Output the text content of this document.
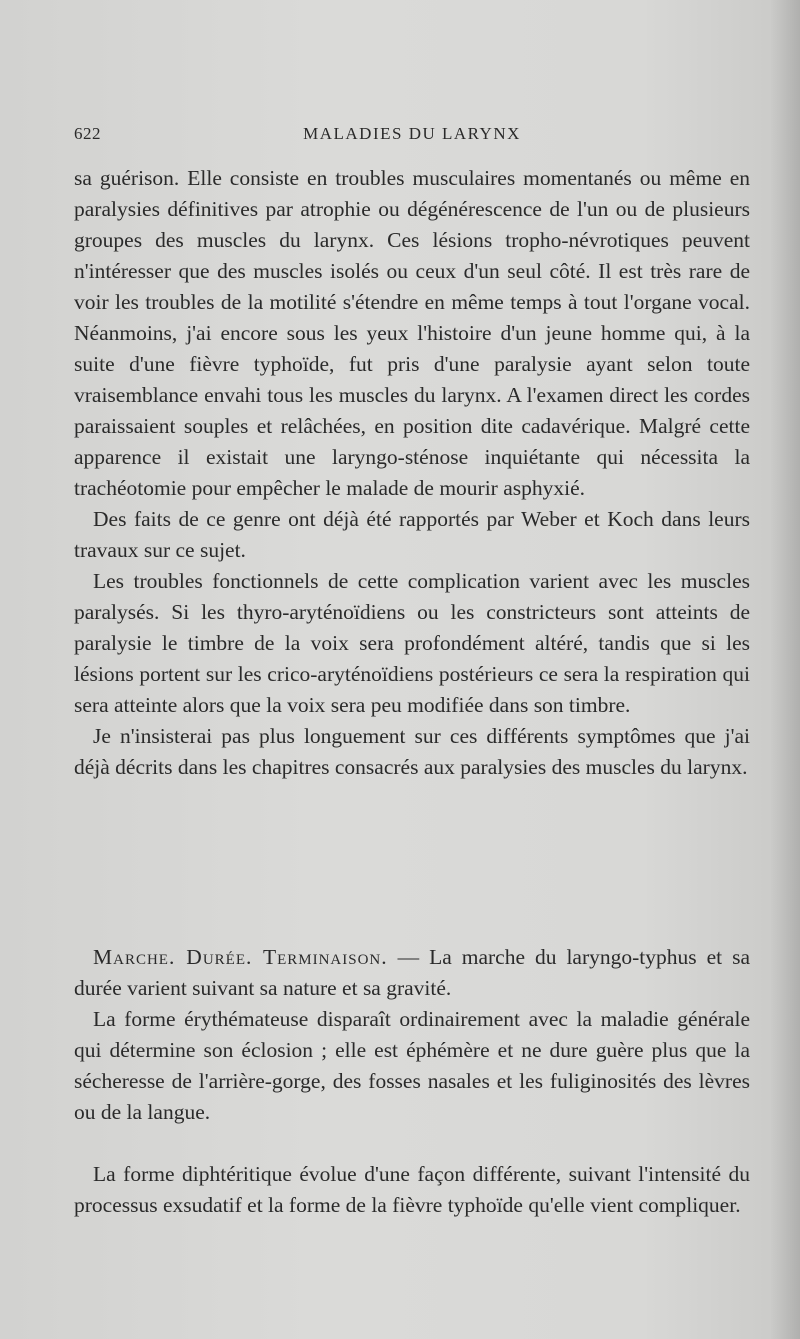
622	MALADIES DU LARYNX

sa guérison. Elle consiste en troubles musculaires momentanés ou même en paralysies définitives par atrophie ou dégénérescence de l'un ou de plusieurs groupes des muscles du larynx. Ces lésions tropho-névrotiques peuvent n'intéresser que des muscles isolés ou ceux d'un seul côté. Il est très rare de voir les troubles de la motilité s'étendre en même temps à tout l'organe vocal. Néanmoins, j'ai encore sous les yeux l'histoire d'un jeune homme qui, à la suite d'une fièvre typhoïde, fut pris d'une paralysie ayant selon toute vraisemblance envahi tous les muscles du larynx. A l'examen direct les cordes paraissaient souples et relâchées, en position dite cadavérique. Malgré cette apparence il existait une laryngo-sténose inquiétante qui nécessita la trachéotomie pour empêcher le malade de mourir asphyxié.

Des faits de ce genre ont déjà été rapportés par Weber et Koch dans leurs travaux sur ce sujet.

Les troubles fonctionnels de cette complication varient avec les muscles paralysés. Si les thyro-aryténoïdiens ou les constricteurs sont atteints de paralysie le timbre de la voix sera profondément altéré, tandis que si les lésions portent sur les crico-aryténoïdiens postérieurs ce sera la respiration qui sera atteinte alors que la voix sera peu modifiée dans son timbre.

Je n'insisterai pas plus longuement sur ces différents symptômes que j'ai déjà décrits dans les chapitres consacrés aux paralysies des muscles du larynx.

Marche. Durée. Terminaison. — La marche du laryngo-typhus et sa durée varient suivant sa nature et sa gravité.

La forme érythémateuse disparaît ordinairement avec la maladie générale qui détermine son éclosion ; elle est éphémère et ne dure guère plus que la sécheresse de l'arrière-gorge, des fosses nasales et les fuliginosités des lèvres ou de la langue.

La forme diphtéritique évolue d'une façon différente, suivant l'intensité du processus exsudatif et la forme de la fièvre typhoïde qu'elle vient compliquer.
